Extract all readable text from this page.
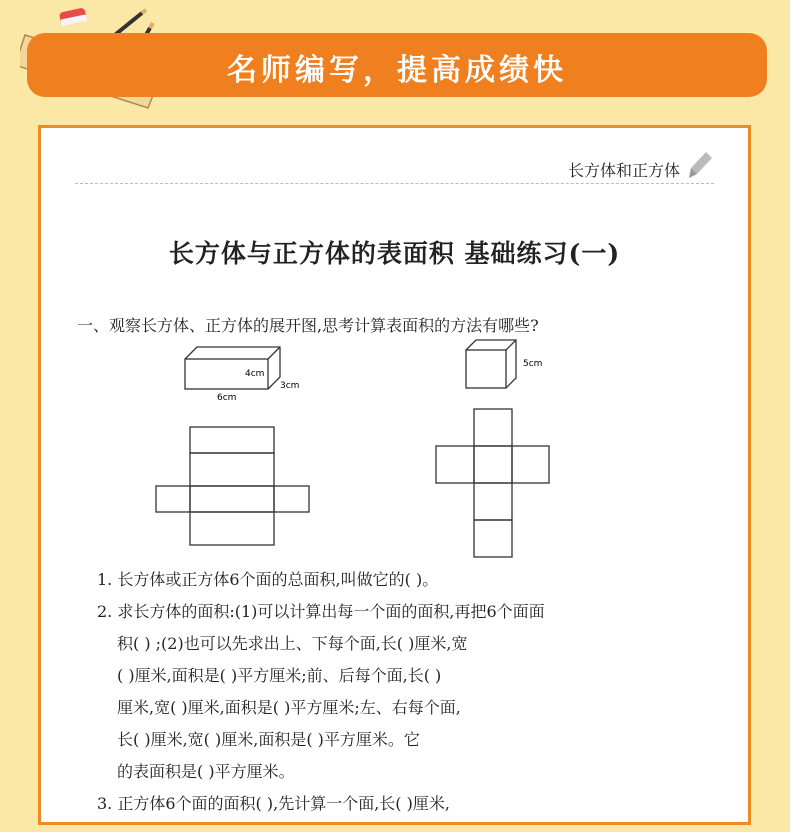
名师编写，提高成绩快
长方体和正方体
长方体与正方体的表面积 基础练习(一)
一、观察长方体、正方体的展开图,思考计算表面积的方法有哪些?
4cm
3cm
6cm
5cm
1. 长方体或正方体6个面的总面积,叫做它的( )。
2. 求长方体的面积:(1)可以计算出每一个面的面积,再把6个面面
积( ) ;(2)也可以先求出上、下每个面,长( )厘米,宽
( )厘米,面积是( )平方厘米;前、后每个面,长( )
厘米,宽( )厘米,面积是( )平方厘米;左、右每个面,
长( )厘米,宽( )厘米,面积是( )平方厘米。它
的表面积是( )平方厘米。
3. 正方体6个面的面积( ),先计算一个面,长( )厘米,
